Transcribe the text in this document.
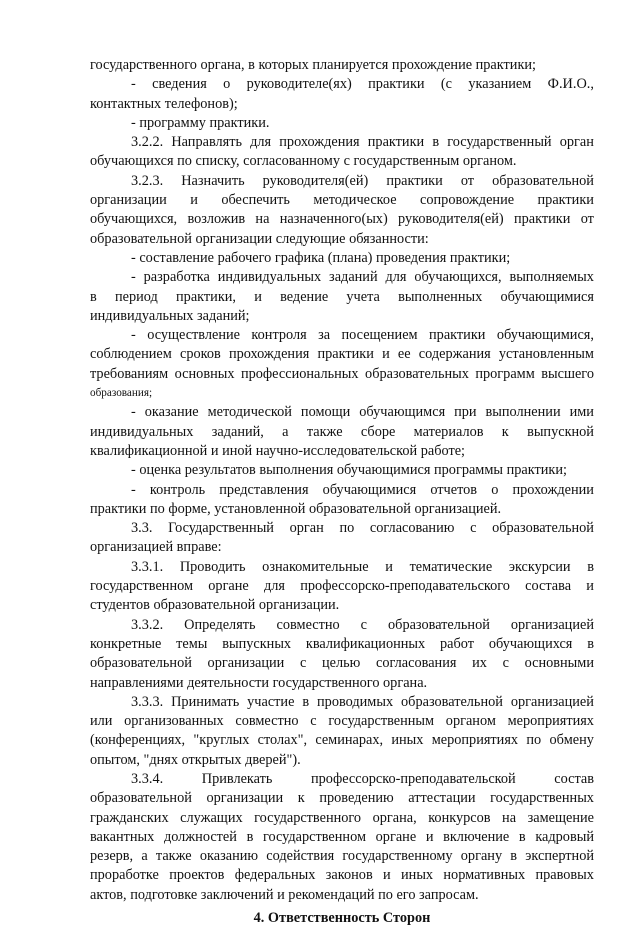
государственного органа, в которых планируется прохождение практики;
- сведения о руководителе(ях) практики (с указанием Ф.И.О.,
контактных телефонов);
- программу практики.
3.2.2. Направлять для прохождения практики в государственный орган
обучающихся по списку, согласованному с государственным органом.
3.2.3. Назначить руководителя(ей) практики от образовательной
организации и обеспечить методическое сопровождение практики
обучающихся, возложив на назначенного(ых) руководителя(ей) практики от
образовательной организации следующие обязанности:
- составление рабочего графика (плана) проведения практики;
- разработка индивидуальных заданий для обучающихся, выполняемых
в период практики, и ведение учета выполненных обучающимися
индивидуальных заданий;
- осуществление контроля за посещением практики обучающимися,
соблюдением сроков прохождения практики и ее содержания установленным
требованиям основных профессиональных образовательных программ высшего
образования;
- оказание методической помощи обучающимся при выполнении ими
индивидуальных заданий, а также сборе материалов к выпускной
квалификационной и иной научно-исследовательской работе;
- оценка результатов выполнения обучающимися программы практики;
- контроль представления обучающимися отчетов о прохождении
практики по форме, установленной образовательной организацией.
3.3. Государственный орган по согласованию с образовательной
организацией вправе:
3.3.1. Проводить ознакомительные и тематические экскурсии в
государственном органе для профессорско-преподавательского состава и
студентов образовательной организации.
3.3.2. Определять совместно с образовательной организацией
конкретные темы выпускных квалификационных работ обучающихся в
образовательной организации с целью согласования их с основными
направлениями деятельности государственного органа.
3.3.3. Принимать участие в проводимых образовательной организацией
или организованных совместно с государственным органом мероприятиях
(конференциях, "круглых столах", семинарах, иных мероприятиях по обмену
опытом, "днях открытых дверей").
3.3.4.	Привлекать	профессорско-преподавательской	состав
образовательной организации к проведению аттестации государственных
гражданских служащих государственного органа, конкурсов на замещение
вакантных должностей в государственном органе и включение в кадровый
резерв, а также оказанию содействия государственному органу в экспертной
проработке проектов федеральных законов и иных нормативных правовых
актов, подготовке заключений и рекомендаций по его запросам.
4. Ответственность Сторон
